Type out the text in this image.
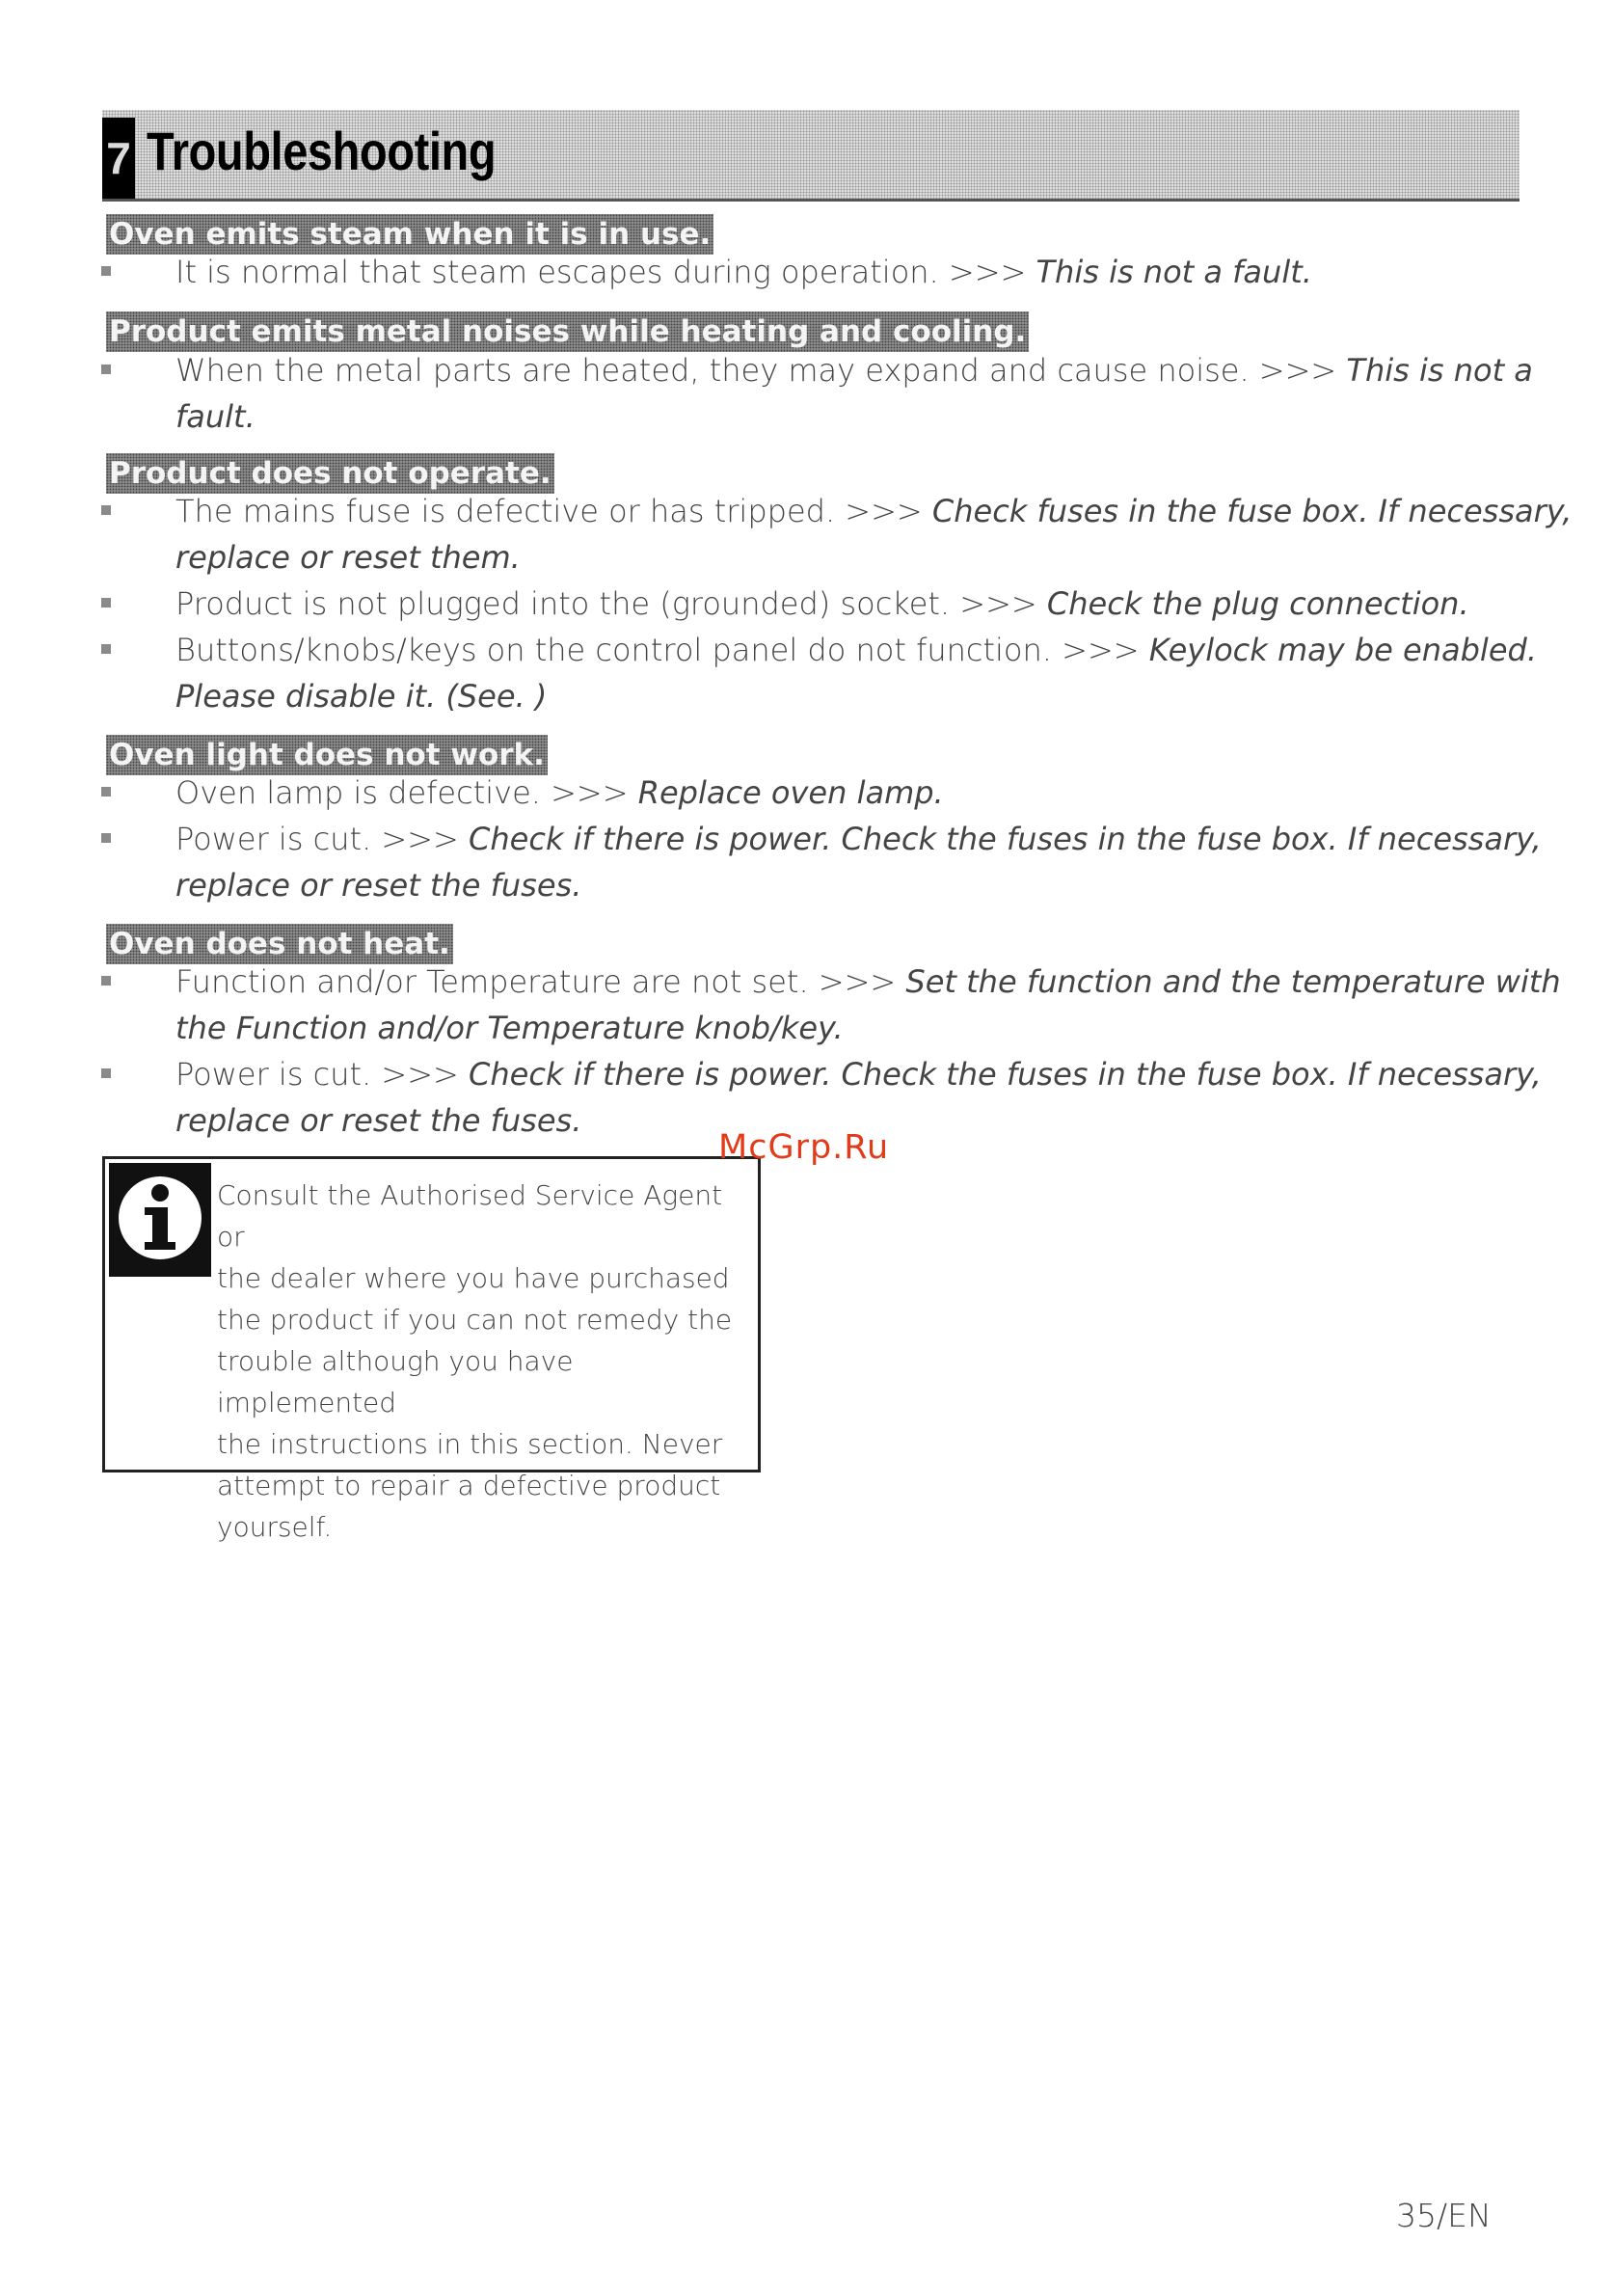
7 Troubleshooting
Oven emits steam when it is in use.
It is normal that steam escapes during operation. >>> This is not a fault.
Product emits metal noises while heating and cooling.
When the metal parts are heated, they may expand and cause noise. >>> This is not a
fault.
Product does not operate.
The mains fuse is defective or has tripped. >>> Check fuses in the fuse box. If necessary,
replace or reset them.
Product is not plugged into the (grounded) socket. >>> Check the plug connection.
Buttons/knobs/keys on the control panel do not function. >>> Keylock may be enabled.
Please disable it. (See. )
Oven light does not work.
Oven lamp is defective. >>> Replace oven lamp.
Power is cut. >>> Check if there is power. Check the fuses in the fuse box. If necessary,
replace or reset the fuses.
Oven does not heat.
Function and/or Temperature are not set. >>> Set the function and the temperature with
the Function and/or Temperature knob/key.
Power is cut. >>> Check if there is power. Check the fuses in the fuse box. If necessary,
replace or reset the fuses.
Consult the Authorised Service Agent or
the dealer where you have purchased
the product if you can not remedy the
trouble although you have implemented
the instructions in this section. Never
attempt to repair a defective product
yourself.
McGrp.Ru
35/EN
